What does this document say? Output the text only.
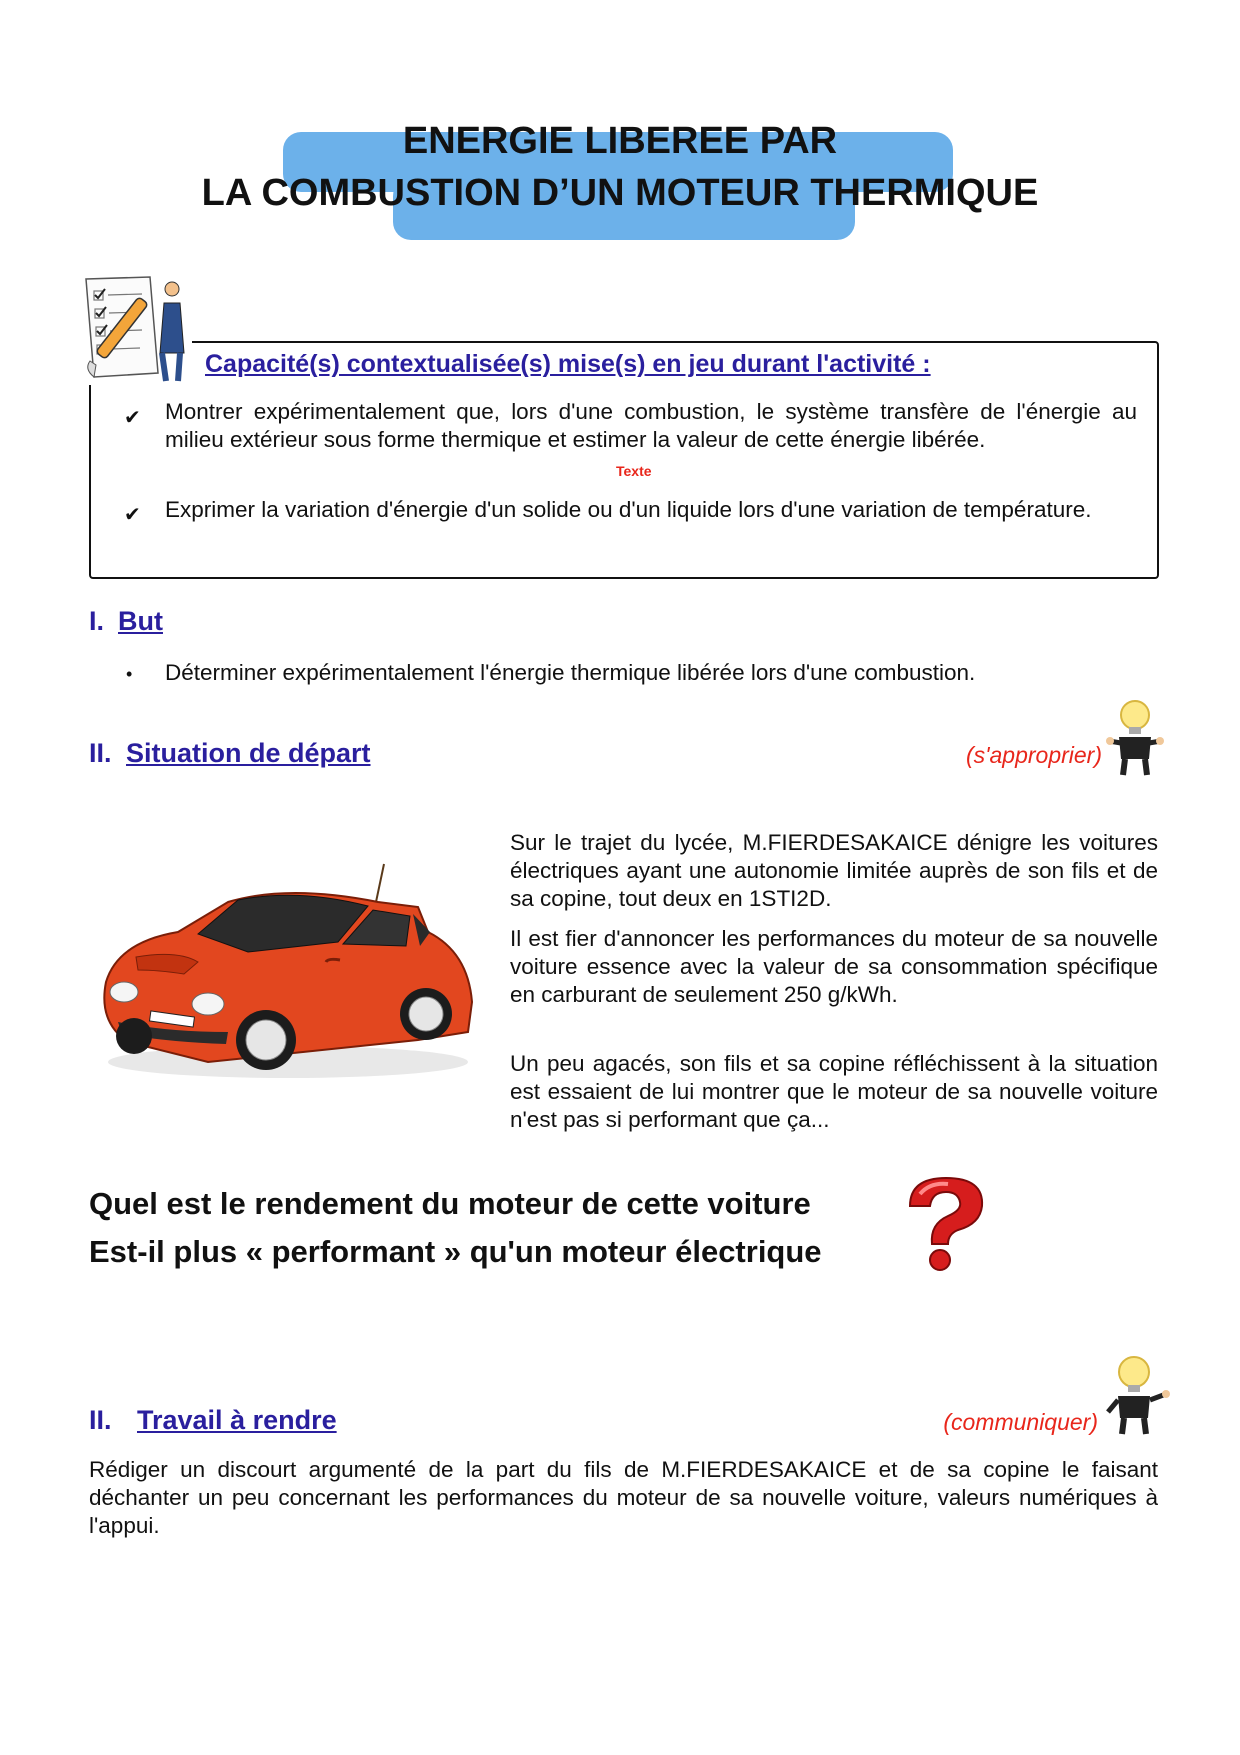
ENERGIE LIBEREE PAR
LA COMBUSTION D’UN MOTEUR THERMIQUE
Capacité(s) contextualisée(s) mise(s) en jeu durant l'activité :
✔ Montrer expérimentalement que, lors d'une combustion, le système transfère de l'énergie au milieu extérieur sous forme thermique et estimer la valeur de cette énergie libérée.
Texte
✔ Exprimer la variation d'énergie d'un solide ou d'un liquide lors d'une variation de température.
I. But
• Déterminer expérimentalement l'énergie thermique libérée lors d'une combustion.
II. Situation de départ	(s'approprier)
Sur le trajet du lycée, M.FIERDESAKAICE dénigre les voitures électriques ayant une autonomie limitée auprès de son fils et de sa copine, tout deux en 1STI2D.
Il est fier d'annoncer les performances du moteur de sa nouvelle voiture essence avec la valeur de sa consommation spécifique en carburant de seulement 250 g/kWh.
Un peu agacés, son fils et sa copine réfléchissent à la situation est essaient de lui montrer que le moteur de sa nouvelle voiture n'est pas si performant que ça...
Quel est le rendement du moteur de cette voiture
Est-il plus « performant » qu'un moteur électrique
II. Travail à rendre	(communiquer)
Rédiger un discourt argumenté de la part du fils de M.FIERDESAKAICE et de sa copine le faisant déchanter un peu concernant les performances du moteur de sa nouvelle voiture, valeurs numériques à l'appui.
